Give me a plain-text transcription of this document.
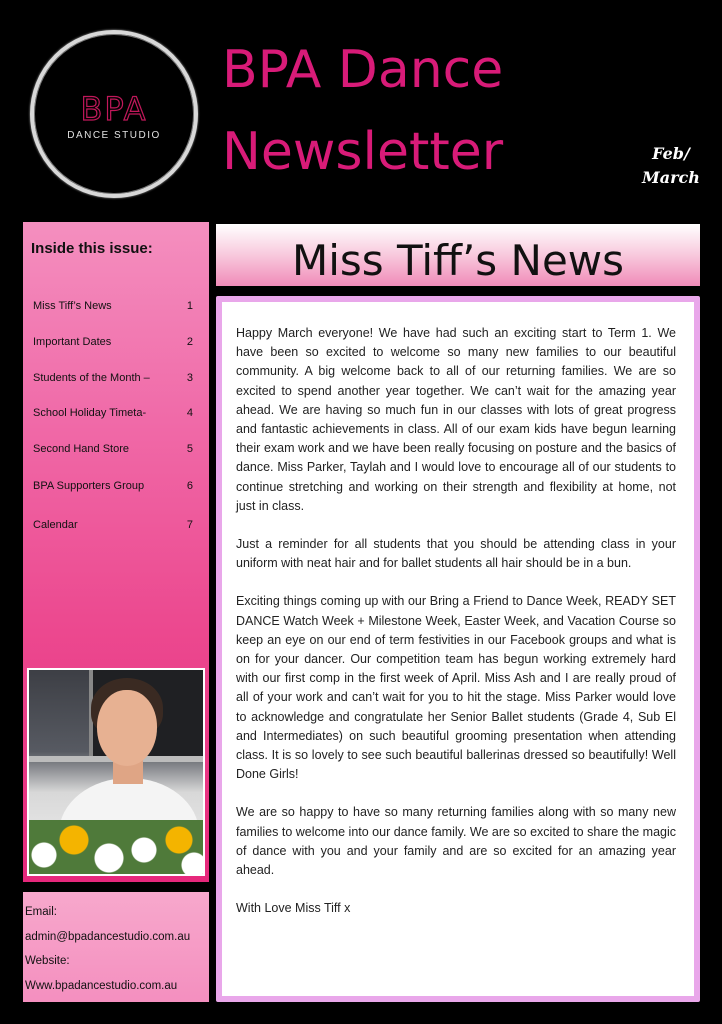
BPA
DANCE STUDIO
BPA Dance
Newsletter	Feb/
March
Inside this issue:
Miss Tiff’s News	1
Important Dates	2
Students of the Month –	3
School Holiday Timeta-	4
Second Hand Store	5
BPA Supporters Group	6
Calendar	7
Email:
admin@bpadancestudio.com.au
Website:
Www.bpadancestudio.com.au
Miss Tiff’s News

Happy March everyone! We have had such an exciting start to Term 1. We have been so excited to welcome so many new families to our beautiful community. A big welcome back to all of our returning families. We are so excited to spend another year together. We can’t wait for the amazing year ahead. We are having so much fun in our classes with lots of great progress and fantastic achievements in class. All of our exam kids have begun learning their exam work and we have been really focusing on posture and the basics of dance. Miss Parker, Taylah and I would love to encourage all of our students to continue stretching and working on their strength and flexibility at home, not just in class.

Just a reminder for all students that you should be attending class in your uniform with neat hair and for ballet students all hair should be in a bun.

Exciting things coming up with our Bring a Friend to Dance Week, READY SET DANCE Watch Week + Milestone Week, Easter Week, and Vacation Course so keep an eye on our end of term festivities in our Facebook groups and what is on for your dancer. Our competition team has begun working extremely hard with our first comp in the first week of April. Miss Ash and I are really proud of all of your work and can’t wait for you to hit the stage. Miss Parker would love to acknowledge and congratulate her Senior Ballet students (Grade 4, Sub El and Intermediates) on such beautiful grooming presentation when attending class. It is so lovely to see such beautiful ballerinas dressed so beautifully! Well Done Girls!

We are so happy to have so many returning families along with so many new families to welcome into our dance family. We are so excited to share the magic of dance with you and your family and are so excited for an amazing year ahead.

With Love Miss Tiff x
